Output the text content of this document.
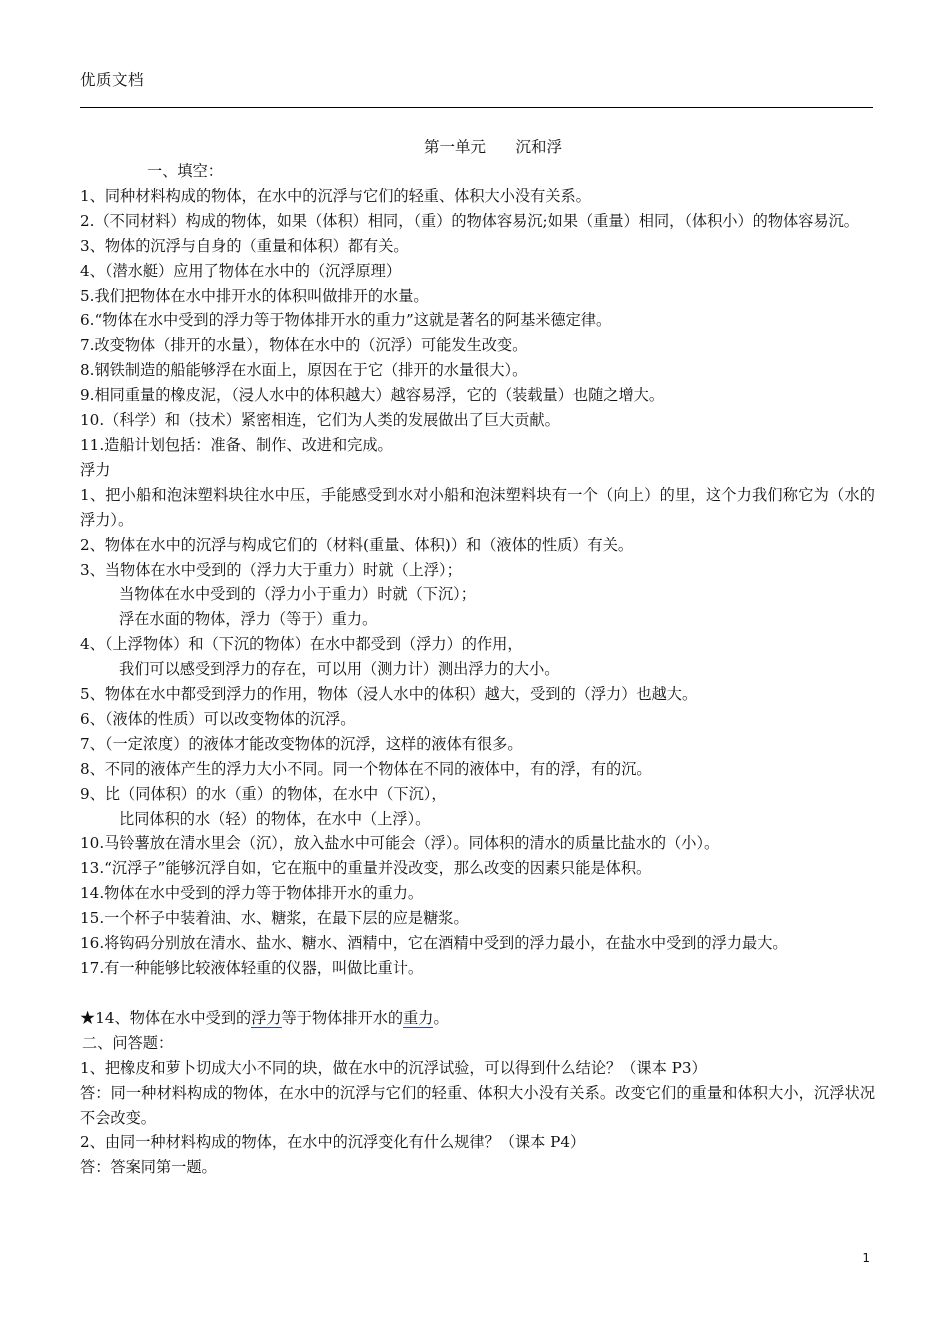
优质文档
第一单元      沉和浮
一、填空：
1、同种材料构成的物体，在水中的沉浮与它们的轻重、体积大小没有关系。
2.（不同材料）构成的物体，如果（体积）相同，（重）的物体容易沉;如果（重量）相同，（体积小）的物体容易沉。
3、物体的沉浮与自身的（重量和体积）都有关。
4、（潜水艇）应用了物体在水中的（沉浮原理）
5.我们把物体在水中排开水的体积叫做排开的水量。
6.“物体在水中受到的浮力等于物体排开水的重力”这就是著名的阿基米德定律。
7.改变物体（排开的水量），物体在水中的（沉浮）可能发生改变。
8.钢铁制造的船能够浮在水面上，原因在于它（排开的水量很大）。
9.相同重量的橡皮泥，（浸人水中的体积越大）越容易浮，它的（装载量）也随之增大。
10.（科学）和（技术）紧密相连，它们为人类的发展做出了巨大贡献。
11.造船计划包括：准备、制作、改进和完成。
浮力
1、把小船和泡沫塑料块往水中压，手能感受到水对小船和泡沫塑料块有一个（向上）的里，这个力我们称它为（水的浮力）。
2、物体在水中的沉浮与构成它们的（材料(重量、体积)）和（液体的性质）有关。
3、当物体在水中受到的（浮力大于重力）时就（上浮）；
当物体在水中受到的（浮力小于重力）时就（下沉）；
浮在水面的物体，浮力（等于）重力。
4、（上浮物体）和（下沉的物体）在水中都受到（浮力）的作用，
我们可以感受到浮力的存在，可以用（测力计）测出浮力的大小。
5、物体在水中都受到浮力的作用，物体（浸人水中的体积）越大，受到的（浮力）也越大。
6、（液体的性质）可以改变物体的沉浮。
7、（一定浓度）的液体才能改变物体的沉浮，这样的液体有很多。
8、不同的液体产生的浮力大小不同。同一个物体在不同的液体中，有的浮，有的沉。
9、比（同体积）的水（重）的物体，在水中（下沉），
比同体积的水（轻）的物体，在水中（上浮）。
10.马铃薯放在清水里会（沉），放入盐水中可能会（浮）。同体积的清水的质量比盐水的（小）。
13.“沉浮子”能够沉浮自如，它在瓶中的重量并没改变，那么改变的因素只能是体积。
14.物体在水中受到的浮力等于物体排开水的重力。
15.一个杯子中装着油、水、糖浆，在最下层的应是糖浆。
16.将钩码分别放在清水、盐水、糖水、酒精中，它在酒精中受到的浮力最小，在盐水中受到的浮力最大。
17.有一种能够比较液体轻重的仪器，叫做比重计。
★14、物体在水中受到的浮力等于物体排开水的重力。
二、问答题：
1、把橡皮和萝卜切成大小不同的块，做在水中的沉浮试验，可以得到什么结论？（课本 P3）
答：同一种材料构成的物体，在水中的沉浮与它们的轻重、体积大小没有关系。改变它们的重量和体积大小，沉浮状况不会改变。
2、由同一种材料构成的物体，在水中的沉浮变化有什么规律？（课本 P4）
答：答案同第一题。
1
